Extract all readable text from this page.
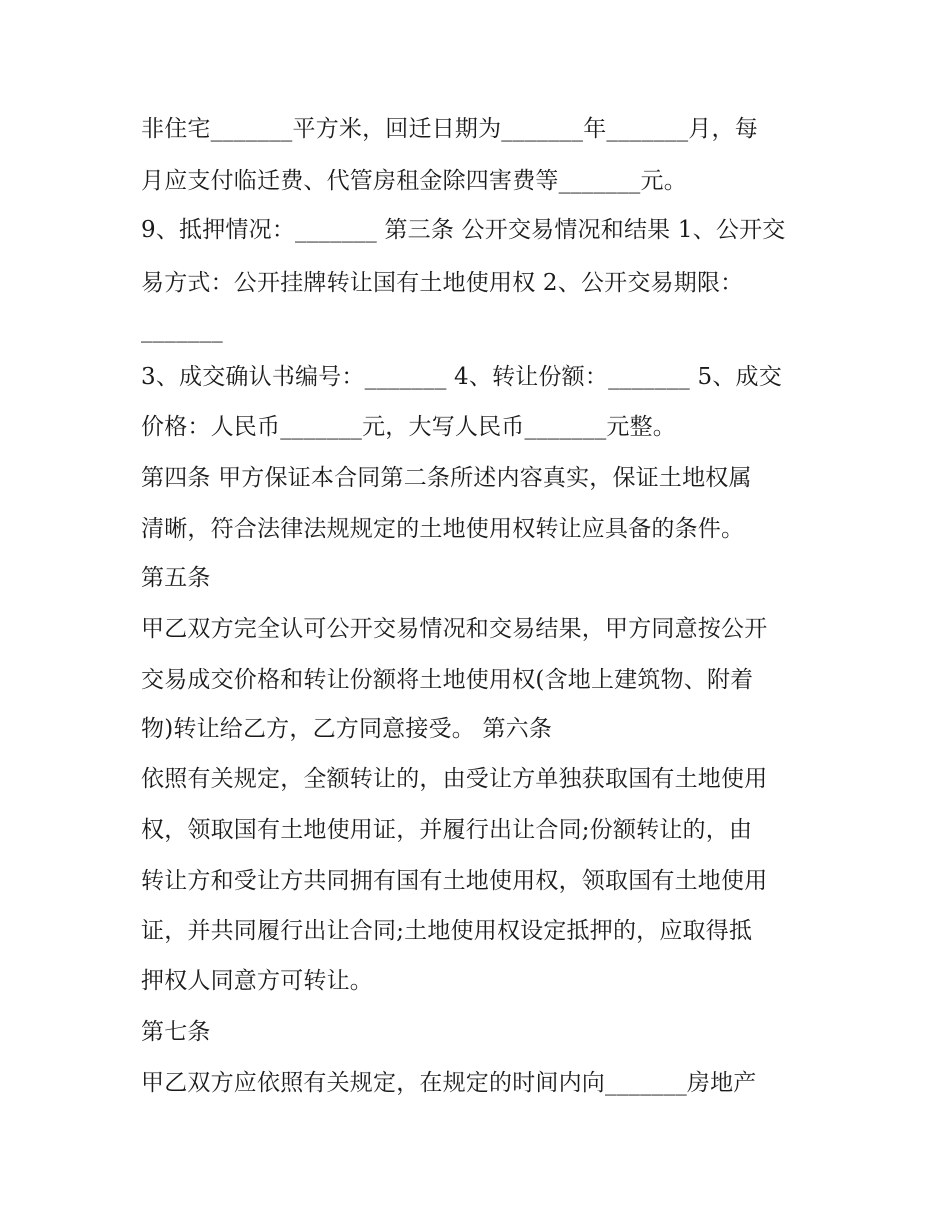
非住宅_______平方米，回迁日期为_______年_______月，每
月应支付临迁费、代管房租金除四害费等_______元。
9、抵押情况：_______ 第三条 公开交易情况和结果 1、公开交
易方式：公开挂牌转让国有土地使用权 2、公开交易期限：
_______
3、成交确认书编号：_______ 4、转让份额：_______ 5、成交
价格：人民币_______元，大写人民币_______元整。
第四条 甲方保证本合同第二条所述内容真实，保证土地权属
清晰，符合法律法规规定的土地使用权转让应具备的条件。
第五条
甲乙双方完全认可公开交易情况和交易结果，甲方同意按公开
交易成交价格和转让份额将土地使用权(含地上建筑物、附着
物)转让给乙方，乙方同意接受。 第六条
依照有关规定，全额转让的，由受让方单独获取国有土地使用
权，领取国有土地使用证，并履行出让合同;份额转让的，由
转让方和受让方共同拥有国有土地使用权，领取国有土地使用
证，并共同履行出让合同;土地使用权设定抵押的，应取得抵
押权人同意方可转让。
第七条
甲乙双方应依照有关规定，在规定的时间内向_______房地产
